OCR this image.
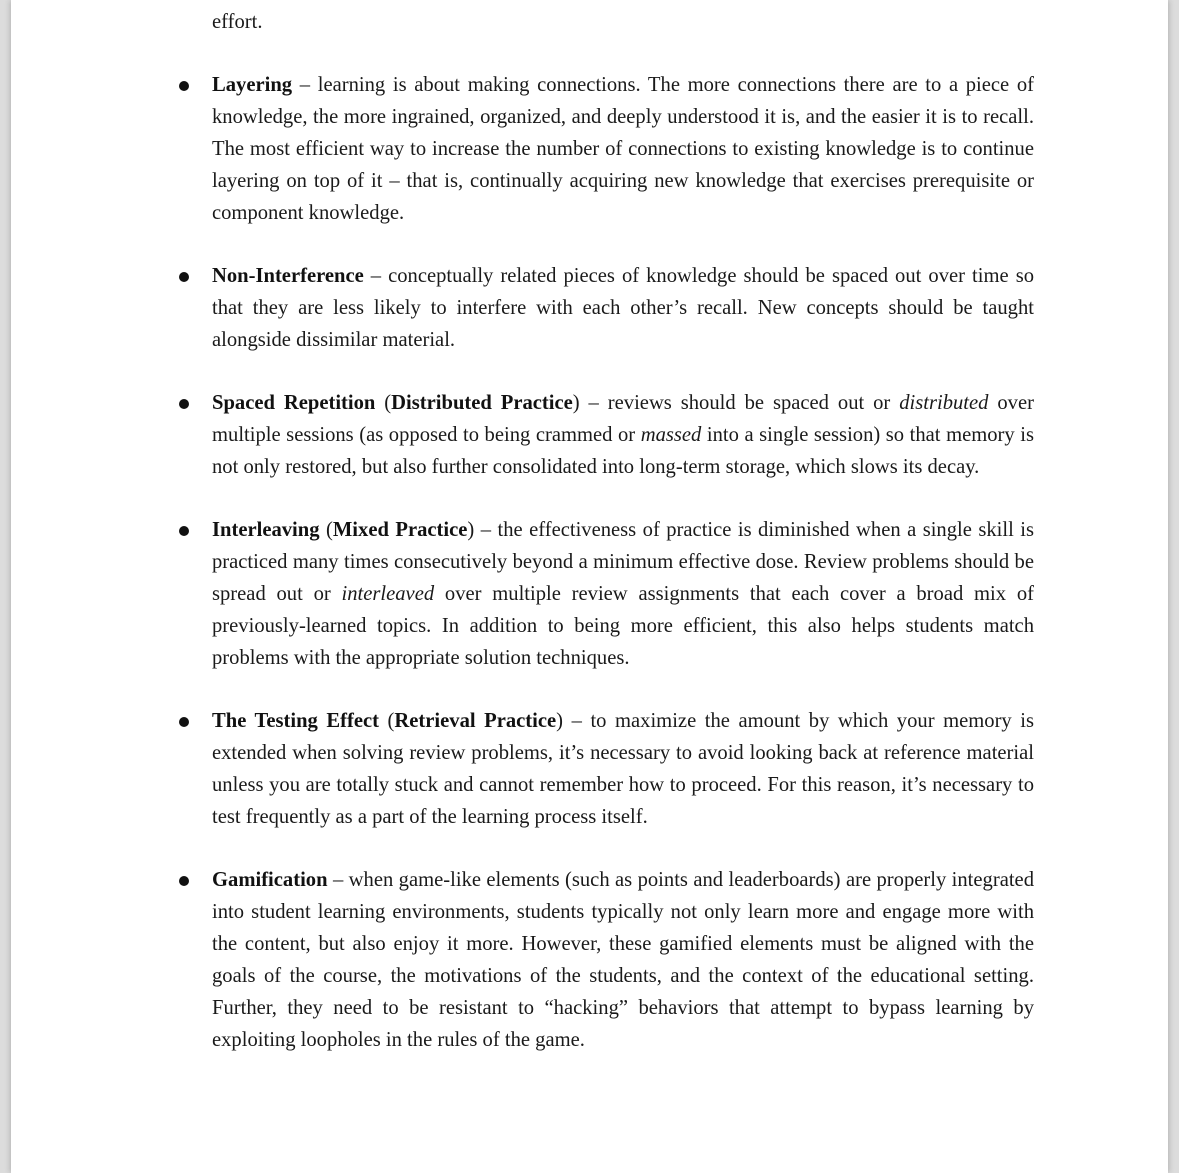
effort.

Layering – learning is about making connections. The more connections there are to a piece of knowledge, the more ingrained, organized, and deeply understood it is, and the easier it is to recall. The most efficient way to increase the number of connections to existing knowledge is to continue layering on top of it – that is, continually acquiring new knowledge that exercises prerequisite or component knowledge.
Non-Interference – conceptually related pieces of knowledge should be spaced out over time so that they are less likely to interfere with each other’s recall. New concepts should be taught alongside dissimilar material.
Spaced Repetition (Distributed Practice) – reviews should be spaced out or distributed over multiple sessions (as opposed to being crammed or massed into a single session) so that memory is not only restored, but also further consolidated into long-term storage, which slows its decay.
Interleaving (Mixed Practice) – the effectiveness of practice is diminished when a single skill is practiced many times consecutively beyond a minimum effective dose. Review problems should be spread out or interleaved over multiple review assignments that each cover a broad mix of previously-learned topics. In addition to being more efficient, this also helps students match problems with the appropriate solution techniques.
The Testing Effect (Retrieval Practice) – to maximize the amount by which your memory is extended when solving review problems, it’s necessary to avoid looking back at reference material unless you are totally stuck and cannot remember how to proceed. For this reason, it’s necessary to test frequently as a part of the learning process itself.
Gamification – when game-like elements (such as points and leaderboards) are properly integrated into student learning environments, students typically not only learn more and engage more with the content, but also enjoy it more. However, these gamified elements must be aligned with the goals of the course, the motivations of the students, and the context of the educational setting. Further, they need to be resistant to “hacking” behaviors that attempt to bypass learning by exploiting loopholes in the rules of the game.
